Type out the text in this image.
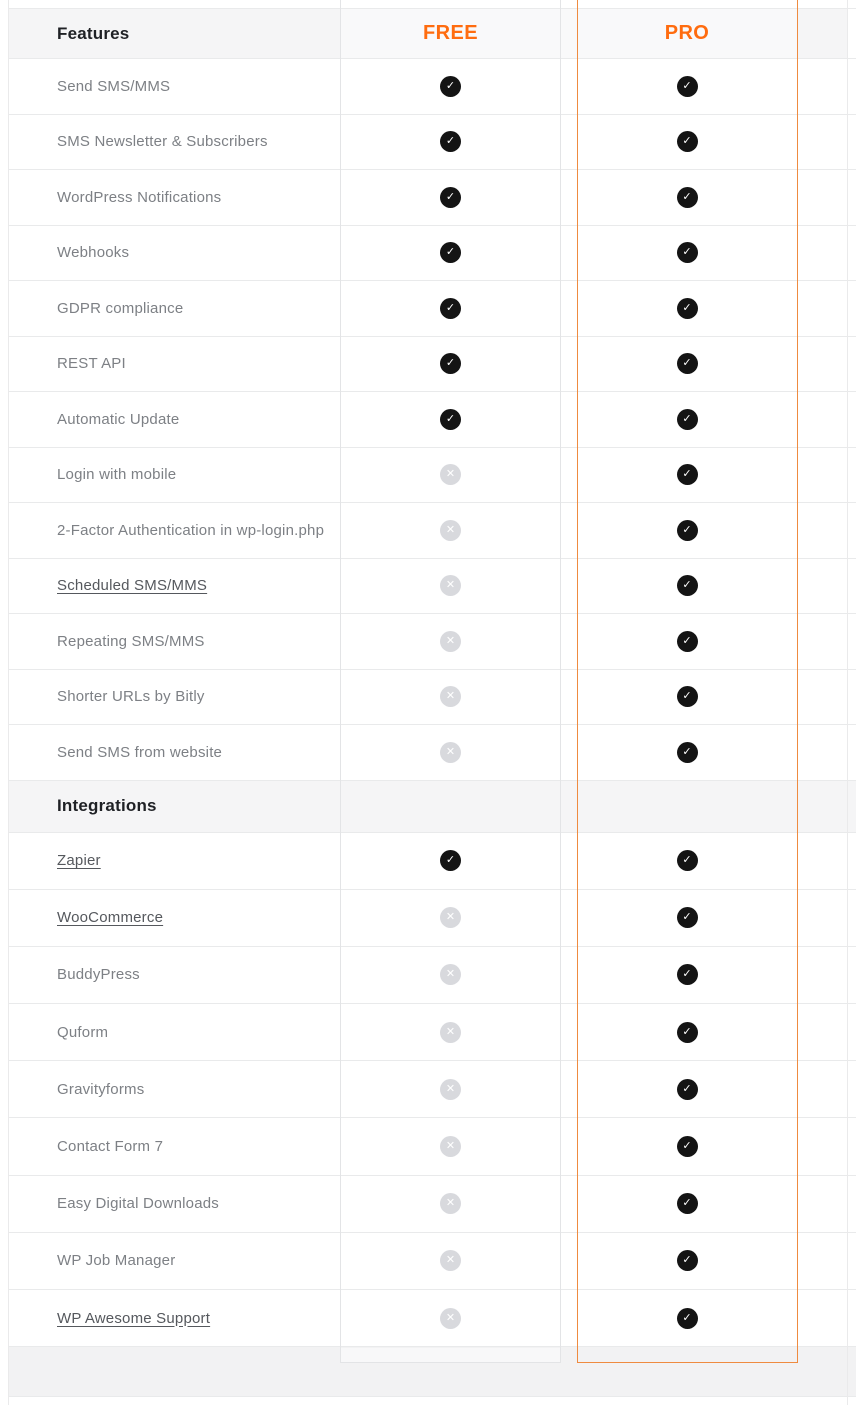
Features	FREE	PRO
Send SMS/MMS	✓	✓
SMS Newsletter & Subscribers	✓	✓
WordPress Notifications	✓	✓
Webhooks	✓	✓
GDPR compliance	✓	✓
REST API	✓	✓
Automatic Update	✓	✓
Login with mobile	✕	✓
2-Factor Authentication in wp-login.php	✕	✓
Scheduled SMS/MMS	✕	✓
Repeating SMS/MMS	✕	✓
Shorter URLs by Bitly	✕	✓
Send SMS from website	✕	✓
Integrations
Zapier	✓	✓
WooCommerce	✕	✓
BuddyPress	✕	✓
Quform	✕	✓
Gravityforms	✕	✓
Contact Form 7	✕	✓
Easy Digital Downloads	✕	✓
WP Job Manager	✕	✓
WP Awesome Support	✕	✓
